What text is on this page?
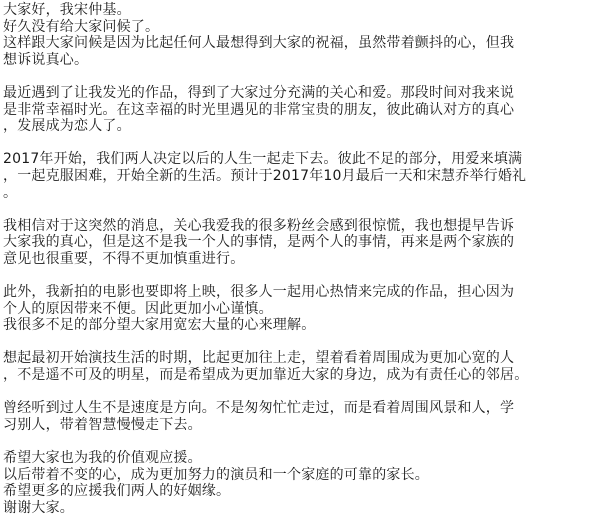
大家好，我宋仲基。
好久没有给大家问候了。
这样跟大家问候是因为比起任何人最想得到大家的祝福，虽然带着颤抖的心，但我
想诉说真心。
最近遇到了让我发光的作品，得到了大家过分充满的关心和爱。那段时间对我来说
是非常幸福时光。在这幸福的时光里遇见的非常宝贵的朋友，彼此确认对方的真心
，发展成为恋人了。
2017年开始，我们两人决定以后的人生一起走下去。彼此不足的部分，用爱来填满
，一起克服困难，开始全新的生活。预计于2017年10月最后一天和宋慧乔举行婚礼
。
我相信对于这突然的消息，关心我爱我的很多粉丝会感到很惊慌，我也想提早告诉
大家我的真心，但是这不是我一个人的事情，是两个人的事情，再来是两个家族的
意见也很重要，不得不更加慎重进行。
此外，我新拍的电影也要即将上映，很多人一起用心热情来完成的作品，担心因为
个人的原因带来不便。因此更加小心谨慎。
我很多不足的部分望大家用宽宏大量的心来理解。
想起最初开始演技生活的时期，比起更加往上走，望着看着周围成为更加心宽的人
，不是遥不可及的明星，而是希望成为更加靠近大家的身边，成为有责任心的邻居。
曾经听到过人生不是速度是方向。不是匆匆忙忙走过，而是看着周围风景和人，学
习别人，带着智慧慢慢走下去。
希望大家也为我的价值观应援。
以后带着不变的心，成为更加努力的演员和一个家庭的可靠的家长。
希望更多的应援我们两人的好姻缘。
谢谢大家。
